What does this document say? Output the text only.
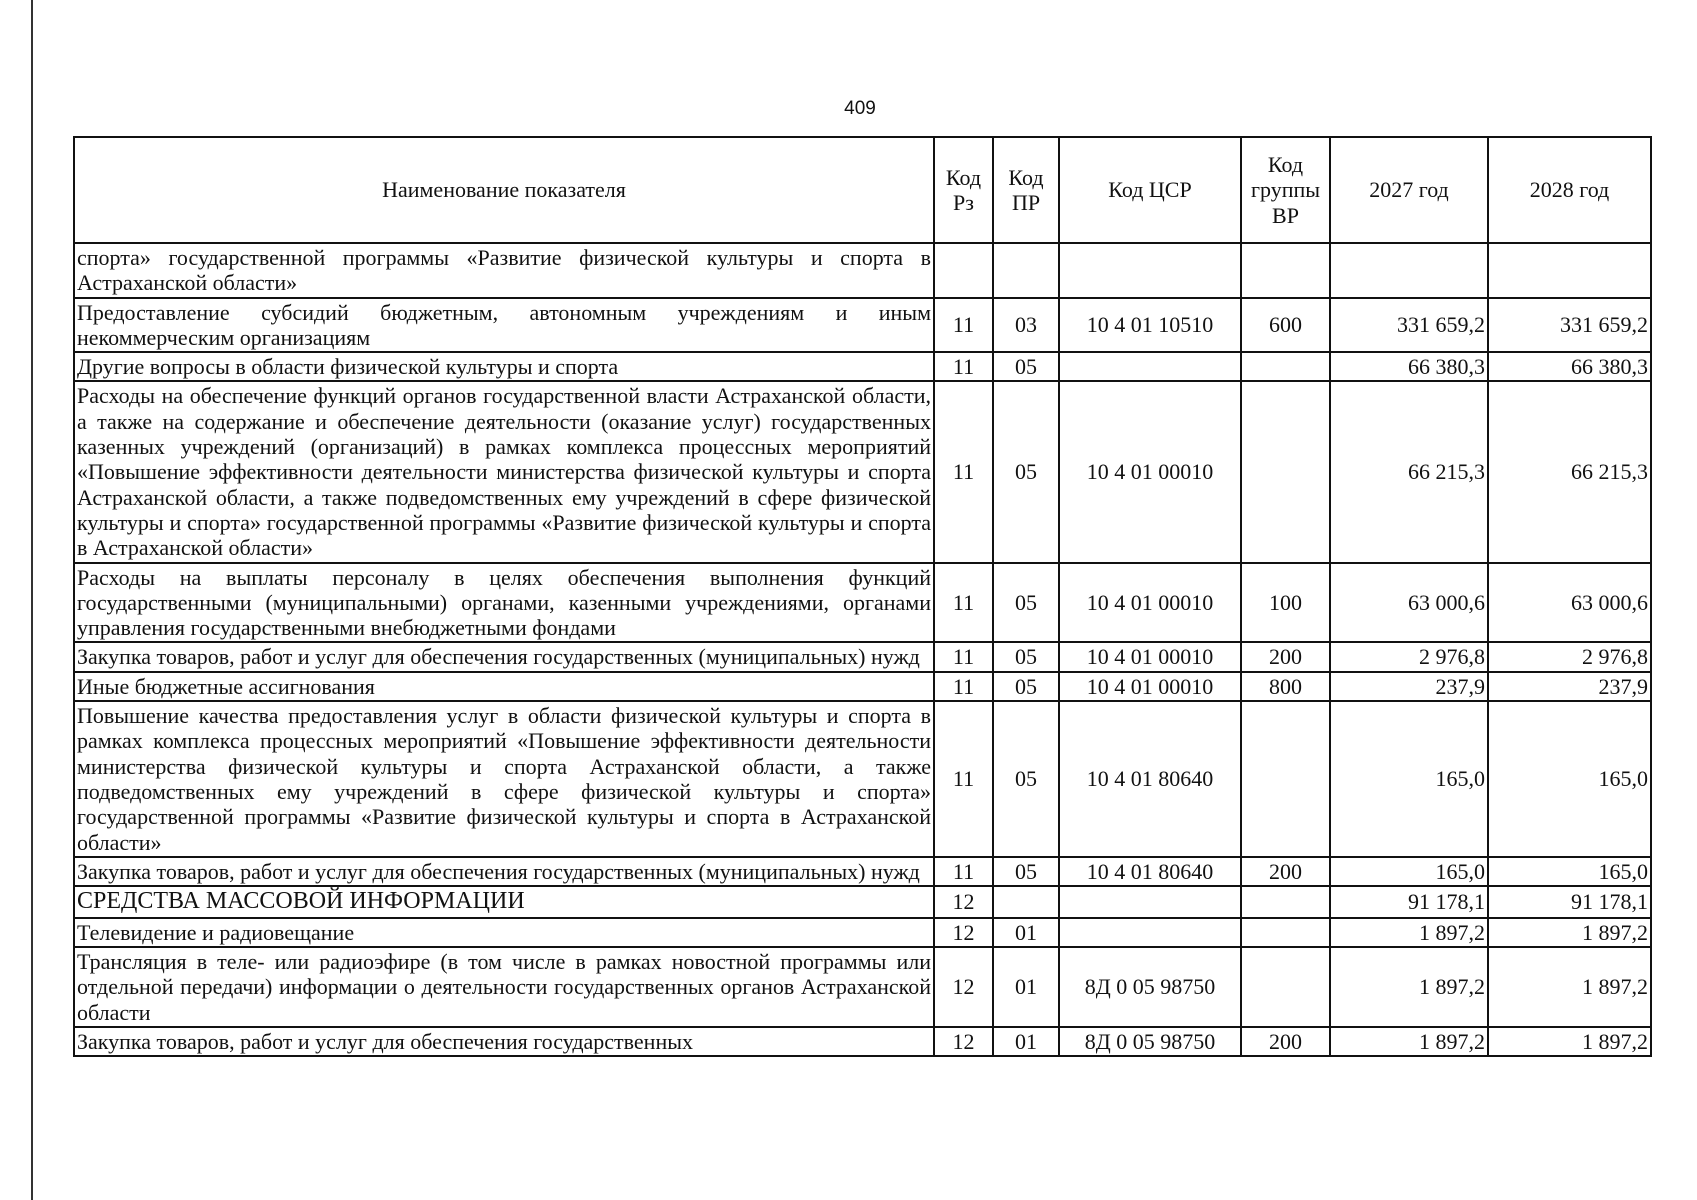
409
Наименование показателя	Код Рз	Код ПР	Код ЦСР	Код группы ВР	2027 год	2028 год
спорта» государственной программы «Развитие физической культуры и спорта в Астраханской области»						
Предоставление субсидий бюджетным, автономным учреждениям и иным некоммерческим организациям	11	03	10 4 01 10510	600	331 659,2	331 659,2
Другие вопросы в области физической культуры и спорта	11	05			66 380,3	66 380,3
Расходы на обеспечение функций органов государственной власти Астраханской области, а также на содержание и обеспечение деятельности (оказание услуг) государственных казенных учреждений (организаций) в рамках комплекса процессных мероприятий «Повышение эффективности деятельности министерства физической культуры и спорта Астраханской области, а также подведомственных ему учреждений в сфере физической культуры и спорта» государственной программы «Развитие физической культуры и спорта в Астраханской области»	11	05	10 4 01 00010		66 215,3	66 215,3
Расходы на выплаты персоналу в целях обеспечения выполнения функций государственными (муниципальными) органами, казенными учреждениями, органами управления государственными внебюджетными фондами	11	05	10 4 01 00010	100	63 000,6	63 000,6
Закупка товаров, работ и услуг для обеспечения государственных (муниципальных) нужд	11	05	10 4 01 00010	200	2 976,8	2 976,8
Иные бюджетные ассигнования	11	05	10 4 01 00010	800	237,9	237,9
Повышение качества предоставления услуг в области физической культуры и спорта в рамках комплекса процессных мероприятий «Повышение эффективности деятельности министерства физической культуры и спорта Астраханской области, а также подведомственных ему учреждений в сфере физической культуры и спорта» государственной программы «Развитие физической культуры и спорта в Астраханской области»	11	05	10 4 01 80640		165,0	165,0
Закупка товаров, работ и услуг для обеспечения государственных (муниципальных) нужд	11	05	10 4 01 80640	200	165,0	165,0
СРЕДСТВА МАССОВОЙ ИНФОРМАЦИИ	12				91 178,1	91 178,1
Телевидение и радиовещание	12	01			1 897,2	1 897,2
Трансляция в теле- или радиоэфире (в том числе в рамках новостной программы или отдельной передачи) информации о деятельности государственных органов Астраханской области	12	01	8Д 0 05 98750		1 897,2	1 897,2
Закупка товаров, работ и услуг для обеспечения государственных	12	01	8Д 0 05 98750	200	1 897,2	1 897,2
